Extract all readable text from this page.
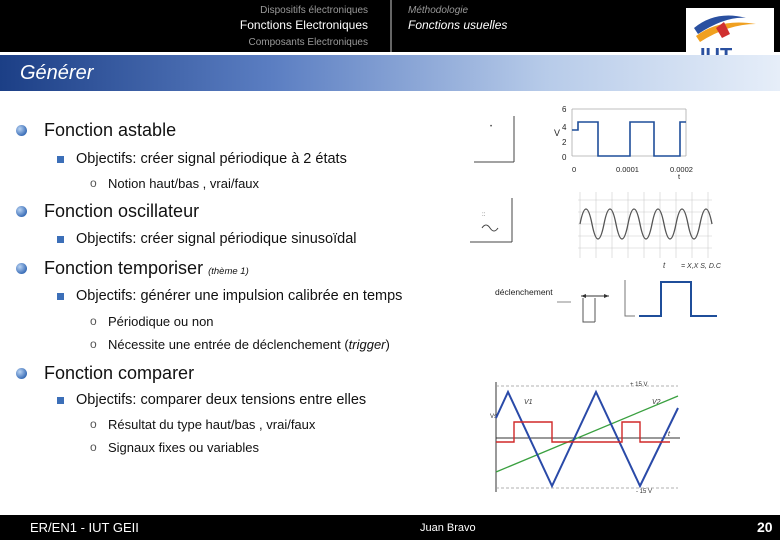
Dispositifs électroniques
Fonctions Electroniques
Composants Electroniques
Méthodologie
Fonctions usuelles
Générer
Fonction astable
Objectifs: créer signal périodique à 2 états
o Notion haut/bas , vrai/faux
Fonction oscillateur
Objectifs: créer signal périodique sinusoïdal
Fonction temporiser (thème 1)
Objectifs: générer une impulsion calibrée en temps
o Périodique ou non
o Nécessite une entrée de déclenchement (trigger)
Fonction comparer
Objectifs: comparer deux tensions entre elles
o Résultat du type haut/bas , vrai/faux
o Signaux fixes ou variables
•
6
4
2
0
V
0	0.0001	0.0002
t
::
déclenchement
t = X,X S, D.C
+ 15 V
- 15 V
V1	V2
Vs
t
ER/EN1 - IUT GEII	Juan Bravo	20
